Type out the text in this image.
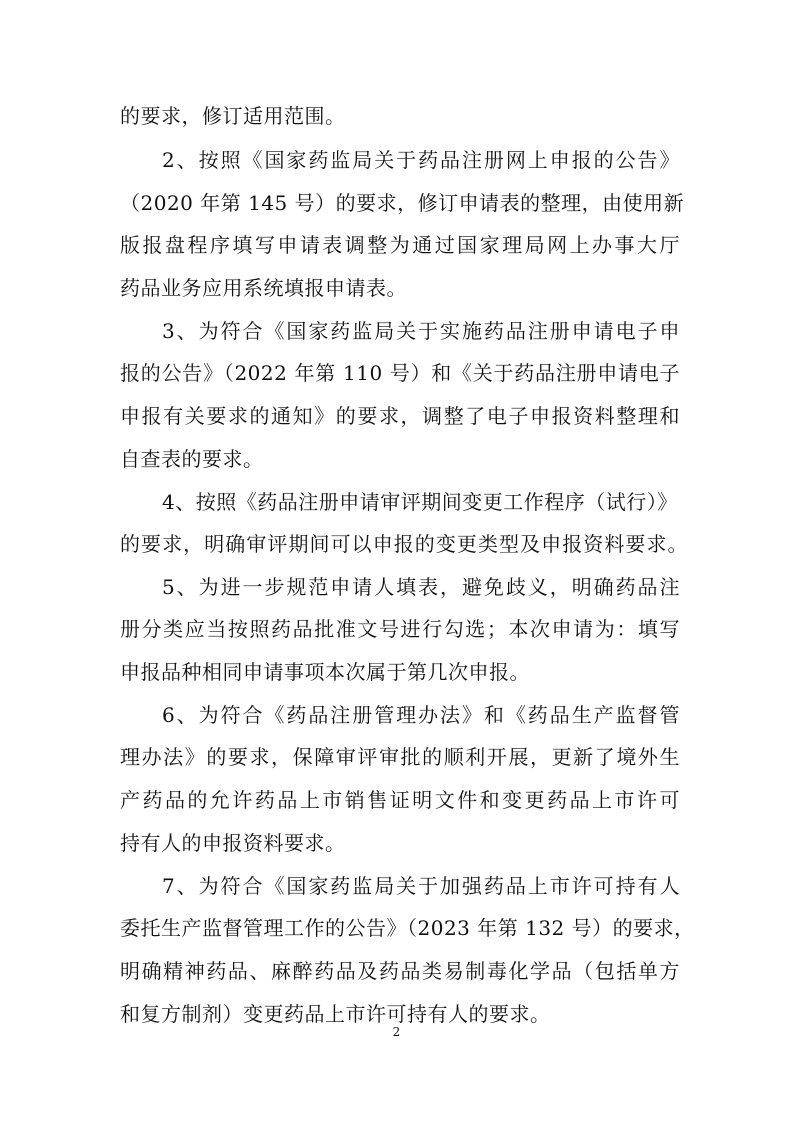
的要求，修订适用范围。
2、按照《国家药监局关于药品注册网上申报的公告》
（2020 年第 145 号）的要求，修订申请表的整理，由使用新
版报盘程序填写申请表调整为通过国家理局网上办事大厅
药品业务应用系统填报申请表。
3、为符合《国家药监局关于实施药品注册申请电子申
报的公告》（2022 年第 110 号）和《关于药品注册申请电子
申报有关要求的通知》的要求，调整了电子申报资料整理和
自查表的要求。
4、按照《药品注册申请审评期间变更工作程序（试行）》
的要求，明确审评期间可以申报的变更类型及申报资料要求。
5、为进一步规范申请人填表，避免歧义，明确药品注
册分类应当按照药品批准文号进行勾选；本次申请为：填写
申报品种相同申请事项本次属于第几次申报。
6、为符合《药品注册管理办法》和《药品生产监督管
理办法》的要求，保障审评审批的顺利开展，更新了境外生
产药品的允许药品上市销售证明文件和变更药品上市许可
持有人的申报资料要求。
7、为符合《国家药监局关于加强药品上市许可持有人
委托生产监督管理工作的公告》（2023 年第 132 号）的要求，
明确精神药品、麻醉药品及药品类易制毒化学品（包括单方
和复方制剂）变更药品上市许可持有人的要求。
2
